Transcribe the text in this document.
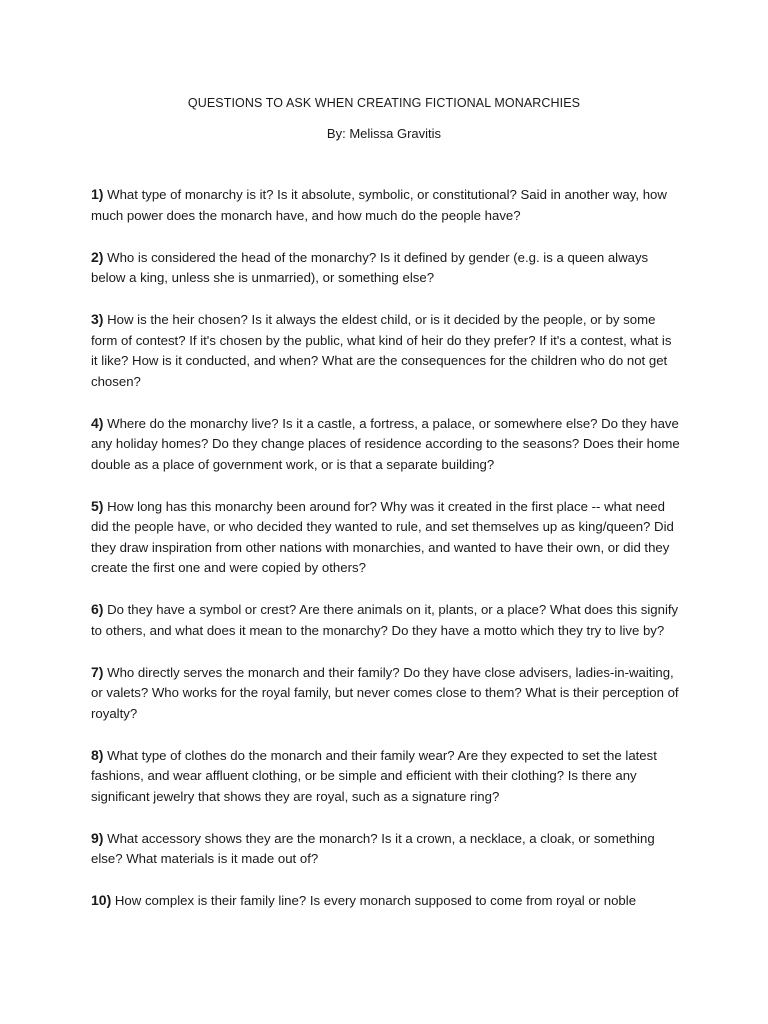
QUESTIONS TO ASK WHEN CREATING FICTIONAL MONARCHIES
By: Melissa Gravitis

1) What type of monarchy is it? Is it absolute, symbolic, or constitutional? Said in another way, how much power does the monarch have, and how much do the people have?

2) Who is considered the head of the monarchy? Is it defined by gender (e.g. is a queen always below a king, unless she is unmarried), or something else?

3) How is the heir chosen? Is it always the eldest child, or is it decided by the people, or by some form of contest? If it's chosen by the public, what kind of heir do they prefer? If it's a contest, what is it like? How is it conducted, and when? What are the consequences for the children who do not get chosen?

4) Where do the monarchy live? Is it a castle, a fortress, a palace, or somewhere else? Do they have any holiday homes? Do they change places of residence according to the seasons? Does their home double as a place of government work, or is that a separate building?

5) How long has this monarchy been around for? Why was it created in the first place -- what need did the people have, or who decided they wanted to rule, and set themselves up as king/queen? Did they draw inspiration from other nations with monarchies, and wanted to have their own, or did they create the first one and were copied by others?

6) Do they have a symbol or crest? Are there animals on it, plants, or a place? What does this signify to others, and what does it mean to the monarchy? Do they have a motto which they try to live by?

7) Who directly serves the monarch and their family? Do they have close advisers, ladies-in-waiting, or valets? Who works for the royal family, but never comes close to them? What is their perception of royalty?

8) What type of clothes do the monarch and their family wear? Are they expected to set the latest fashions, and wear affluent clothing, or be simple and efficient with their clothing? Is there any significant jewelry that shows they are royal, such as a signature ring?

9) What accessory shows they are the monarch? Is it a crown, a necklace, a cloak, or something else? What materials is it made out of?

10) How complex is their family line? Is every monarch supposed to come from royal or noble
